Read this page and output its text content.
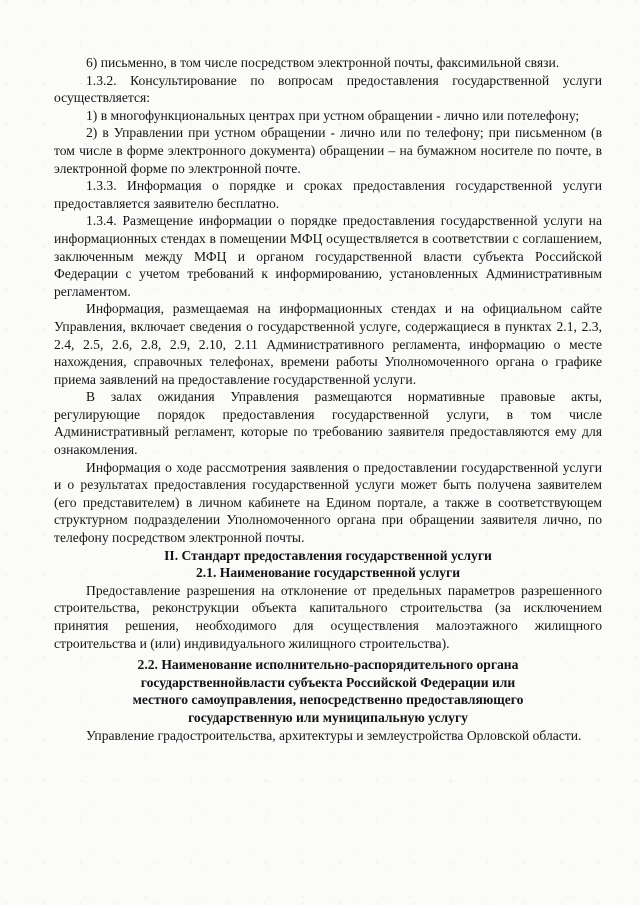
6) письменно, в том числе посредством электронной почты, факсимильной связи.

1.3.2. Консультирование по вопросам предоставления государственной услуги осуществляется:

1) в многофункциональных центрах при устном обращении - лично или потелефону;

2) в Управлении при устном обращении - лично или по телефону; при письменном (в том числе в форме электронного документа) обращении – на бумажном носителе по почте, в электронной форме по электронной почте.

1.3.3. Информация о порядке и сроках предоставления государственной услуги предоставляется заявителю бесплатно.

1.3.4. Размещение информации о порядке предоставления государственной услуги на информационных стендах в помещении МФЦ осуществляется в соответствии с соглашением, заключенным между МФЦ и органом государственной власти субъекта Российской Федерации с учетом требований к информированию, установленных Административным регламентом.

Информация, размещаемая на информационных стендах и на официальном сайте Управления, включает сведения о государственной услуге, содержащиеся в пунктах 2.1, 2.3, 2.4, 2.5, 2.6, 2.8, 2.9, 2.10, 2.11 Административного регламента, информацию о месте нахождения, справочных телефонах, времени работы Уполномоченного органа о графике приема заявлений на предоставление государственной услуги.

В залах ожидания Управления размещаются нормативные правовые акты, регулирующие порядок предоставления государственной услуги, в том числе Административный регламент, которые по требованию заявителя предоставляются ему для ознакомления.

Информация о ходе рассмотрения заявления о предоставлении государственной услуги и о результатах предоставления государственной услуги может быть получена заявителем (его представителем) в личном кабинете на Едином портале, а также в соответствующем структурном подразделении Уполномоченного органа при обращении заявителя лично, по телефону посредством электронной почты.

II. Стандарт предоставления государственной услуги
2.1. Наименование государственной услуги

Предоставление разрешения на отклонение от предельных параметров разрешенного строительства, реконструкции объекта капитального строительства (за исключением принятия решения, необходимого для осуществления малоэтажного жилищного строительства и (или) индивидуального жилищного строительства).

2.2. Наименование исполнительно-распорядительного органа
государственнойвласти субъекта Российской Федерации или
местного самоуправления, непосредственно предоставляющего
государственную или муниципальную услугу

Управление градостроительства, архитектуры и землеустройства Орловской области.
